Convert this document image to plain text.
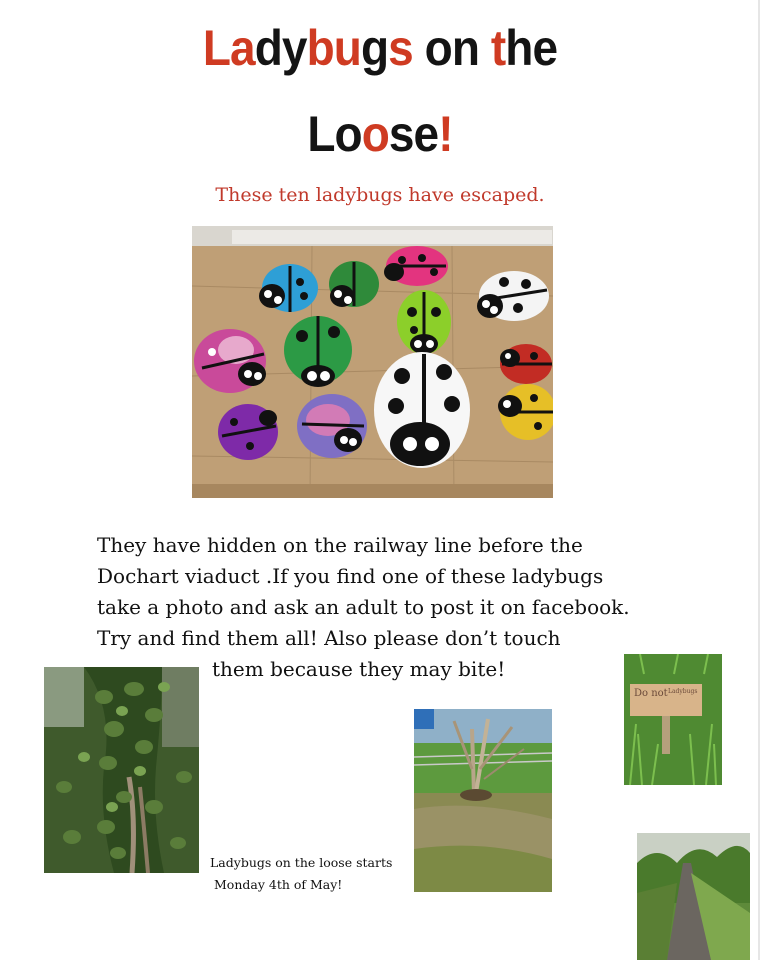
Ladybugs on the
Loose!
These ten ladybugs have escaped.
They have hidden on the railway line before the
Dochart viaduct .If you find one of these ladybugs
take a photo and ask an adult to post it on facebook.
Try and find them all! Also please don’t touch
them because they may bite!
Do not Ladybugs
Ladybugs on the loose starts
Monday 4th of May!
